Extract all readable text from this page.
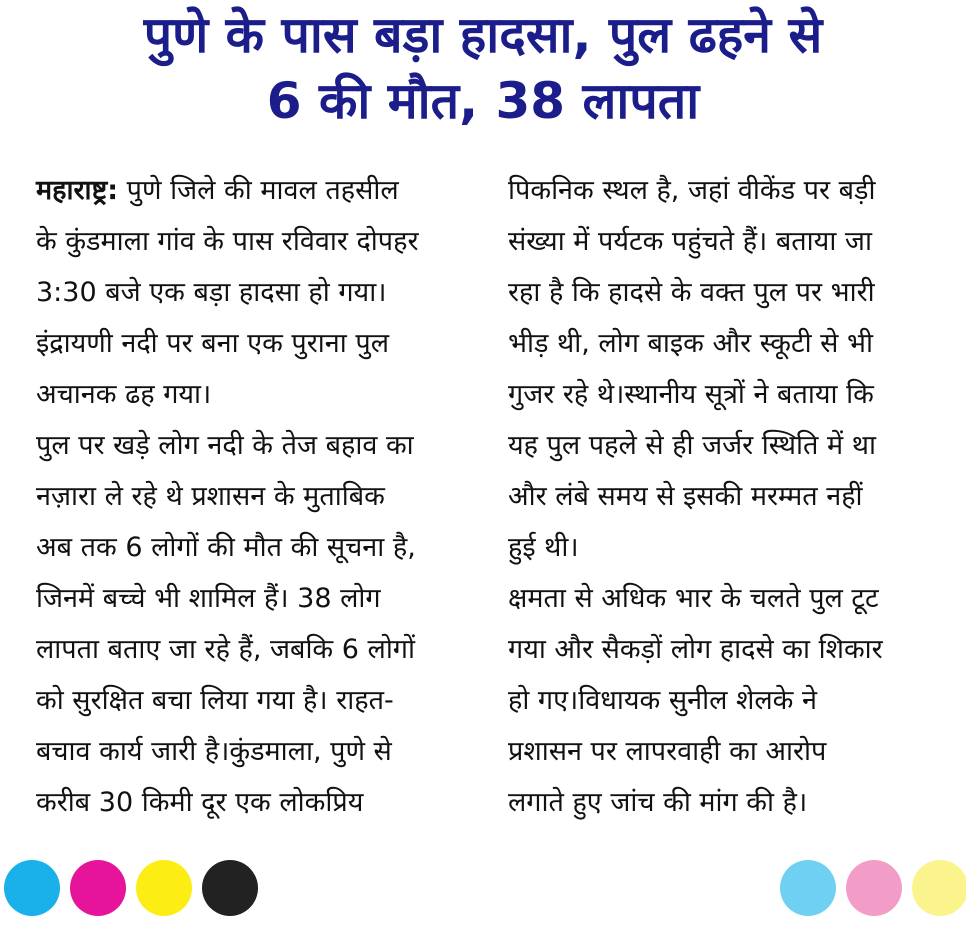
पुणे के पास बड़ा हादसा, पुल ढहने से
6 की मौत, 38 लापता
महाराष्ट्र: पुणे जिले की मावल तहसील
के कुंडमाला गांव के पास रविवार दोपहर
3:30 बजे एक बड़ा हादसा हो गया।
इंद्रायणी नदी पर बना एक पुराना पुल
अचानक ढह गया।
पुल पर खड़े लोग नदी के तेज बहाव का
नज़ारा ले रहे थे प्रशासन के मुताबिक
अब तक 6 लोगों की मौत की सूचना है,
जिनमें बच्चे भी शामिल हैं। 38 लोग
लापता बताए जा रहे हैं, जबकि 6 लोगों
को सुरक्षित बचा लिया गया है। राहत-
बचाव कार्य जारी है।कुंडमाला, पुणे से
करीब 30 किमी दूर एक लोकप्रिय
पिकनिक स्थल है, जहां वीकेंड पर बड़ी
संख्या में पर्यटक पहुंचते हैं। बताया जा
रहा है कि हादसे के वक्त पुल पर भारी
भीड़ थी, लोग बाइक और स्कूटी से भी
गुजर रहे थे।स्थानीय सूत्रों ने बताया कि
यह पुल पहले से ही जर्जर स्थिति में था
और लंबे समय से इसकी मरम्मत नहीं
हुई थी।
क्षमता से अधिक भार के चलते पुल टूट
गया और सैकड़ों लोग हादसे का शिकार
हो गए।विधायक सुनील शेलके ने
प्रशासन पर लापरवाही का आरोप
लगाते हुए जांच की मांग की है।
